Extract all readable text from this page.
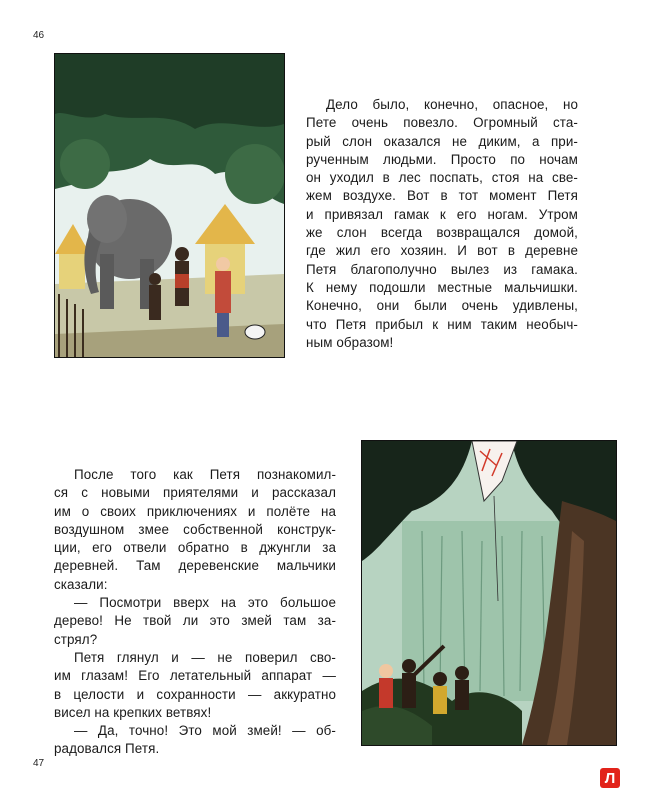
46
47
Дело было, конечно, опасное, но
Пете очень повезло. Огромный ста-
рый слон оказался не диким, а при-
рученным людьми. Просто по ночам
он уходил в лес поспать, стоя на све-
жем воздухе. Вот в тот момент Петя
и привязал гамак к его ногам. Утром
же слон всегда возвращался домой,
где жил его хозяин. И вот в деревне
Петя благополучно вылез из гамака.
К нему подошли местные мальчишки.
Конечно, они были очень удивлены,
что Петя прибыл к ним таким необыч-
ным образом!
После того как Петя познакомил-
ся с новыми приятелями и рассказал
им о своих приключениях и полёте на
воздушном змее собственной конструк-
ции, его отвели обратно в джунгли за
деревней. Там деревенские мальчики
сказали:
— Посмотри вверх на это большое
дерево! Не твой ли это змей там за-
стрял?
Петя глянул и — не поверил сво-
им глазам! Его летательный аппарат —
в целости и сохранности — аккуратно
висел на крепких ветвях!
— Да, точно! Это мой змей! — об-
радовался Петя.
Л
